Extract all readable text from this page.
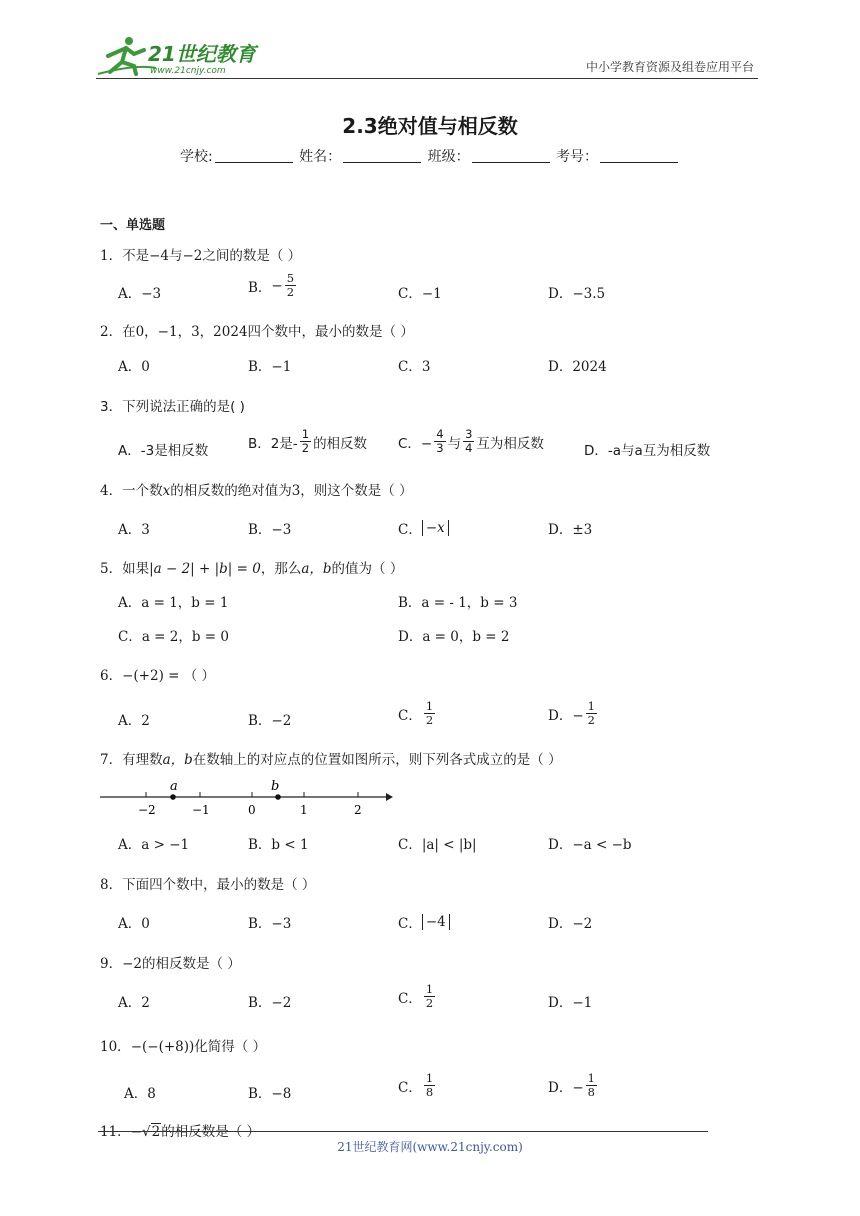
21世纪教育
www.21cnjy.com	中小学教育资源及组卷应用平台
2.3绝对值与相反数
学校:	姓名：	班级：	考号：
一、单选题
1．不是−4与−2之间的数是（ ）
A．−3	B． − $\frac{5}{2}$	C．−1	D．−3.5
2．在0，−1，3，2024四个数中，最小的数是（ ）
A．0	B．−1	C．3	D．2024
3．下列说法正确的是( )
A．-3是相反数	B．2是- $\frac{1}{2}$ 的相反数 C．− $\frac{4}{3}$ 与 $\frac{3}{4}$ 互为相反数	D．-a与a互为相反数
4．一个数x的相反数的绝对值为3，则这个数是（ ）
A．3	B．−3	C． −x	D．±3
5．如果|a − 2| + |b| = 0，那么a，b的值为（ ）
A．a = 1，b = 1	B．a = - 1，b = 3
C．a = 2，b = 0	D．a = 0，b = 2
6．−(+2) = （ ）
A．2	B．−2	C． $\frac{1}{2}$	D．− $\frac{1}{2}$
7．有理数a，b在数轴上的对应点的位置如图所示，则下列各式成立的是（ ）
a	b
−2	−1	0	1	2
A．a > −1	B．b < 1	C．|a| < |b|	D．−a < −b
8．下面四个数中，最小的数是（ ）
A．0	B．−3	C． −4	D．−2
9．−2的相反数是（ ）
A．2	B．−2	C． $\frac{1}{2}$	D．−1
10．−(−(+8))化简得（ ）
A．8	B．−8	C． $\frac{1}{8}$	D．− $\frac{1}{8}$
11．−√2的相反数是（ ）
21世纪教育网(www.21cnjy.com)
